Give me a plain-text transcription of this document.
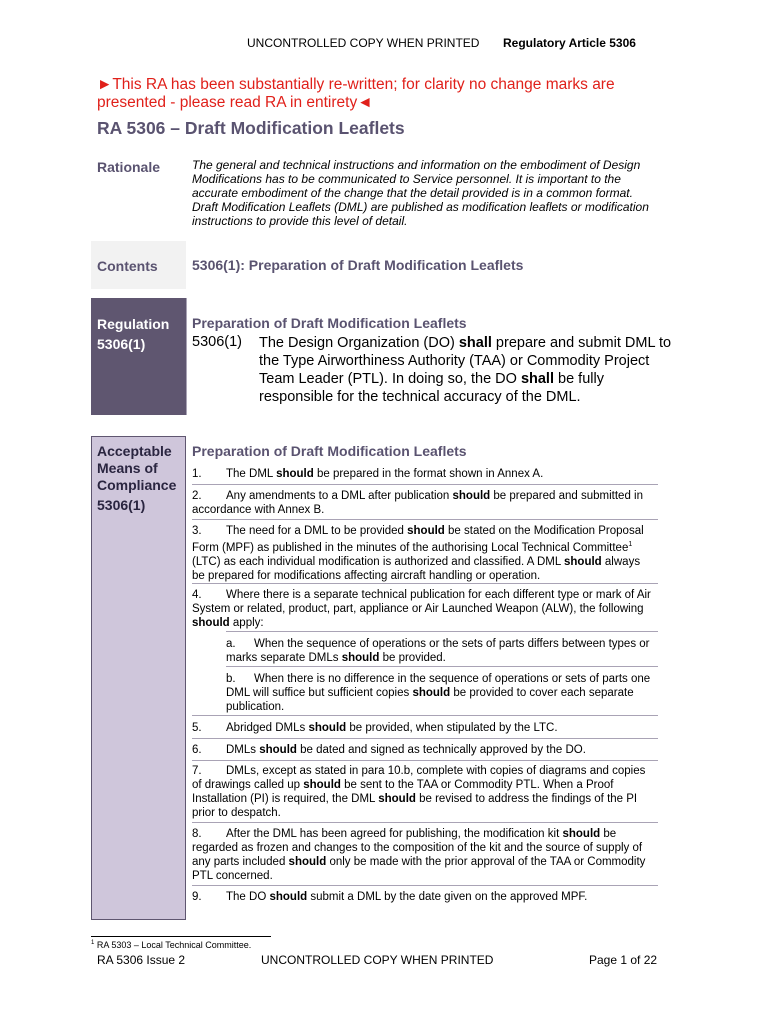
UNCONTROLLED COPY WHEN PRINTED Regulatory Article 5306
►This RA has been substantially re-written; for clarity no change marks are presented - please read RA in entirety◄
RA 5306 – Draft Modification Leaflets
Rationale	The general and technical instructions and information on the embodiment of Design Modifications has to be communicated to Service personnel. It is important to the accurate embodiment of the change that the detail provided is in a common format. Draft Modification Leaflets (DML) are published as modification leaflets or modification instructions to provide this level of detail.
Contents 5306(1): Preparation of Draft Modification Leaflets
Regulation
5306(1)
Preparation of Draft Modification Leaflets
5306(1) The Design Organization (DO) shall prepare and submit DML to the Type Airworthiness Authority (TAA) or Commodity Project Team Leader (PTL). In doing so, the DO shall be fully responsible for the technical accuracy of the DML.
Acceptable
Means of
Compliance
5306(1)
Preparation of Draft Modification Leaflets
1. The DML should be prepared in the format shown in Annex A.
2. Any amendments to a DML after publication should be prepared and submitted in accordance with Annex B.
3. The need for a DML to be provided should be stated on the Modification Proposal Form (MPF) as published in the minutes of the authorising Local Technical Committee$^1$ (LTC) as each individual modification is authorized and classified. A DML should always be prepared for modifications affecting aircraft handling or operation.
4. Where there is a separate technical publication for each different type or mark of Air System or related, product, part, appliance or Air Launched Weapon (ALW), the following should apply:
a. When the sequence of operations or the sets of parts differs between types or marks separate DMLs should be provided.
b. When there is no difference in the sequence of operations or sets of parts one DML will suffice but sufficient copies should be provided to cover each separate publication.
5. Abridged DMLs should be provided, when stipulated by the LTC.
6. DMLs should be dated and signed as technically approved by the DO.
7. DMLs, except as stated in para 10.b, complete with copies of diagrams and copies of drawings called up should be sent to the TAA or Commodity PTL. When a Proof Installation (PI) is required, the DML should be revised to address the findings of the PI prior to despatch.
8. After the DML has been agreed for publishing, the modification kit should be regarded as frozen and changes to the composition of the kit and the source of supply of any parts included should only be made with the prior approval of the TAA or Commodity PTL concerned.
9. The DO should submit a DML by the date given on the approved MPF.
$^1$ RA 5303 – Local Technical Committee.
RA 5306 Issue 2	UNCONTROLLED COPY WHEN PRINTED	Page 1 of 22
